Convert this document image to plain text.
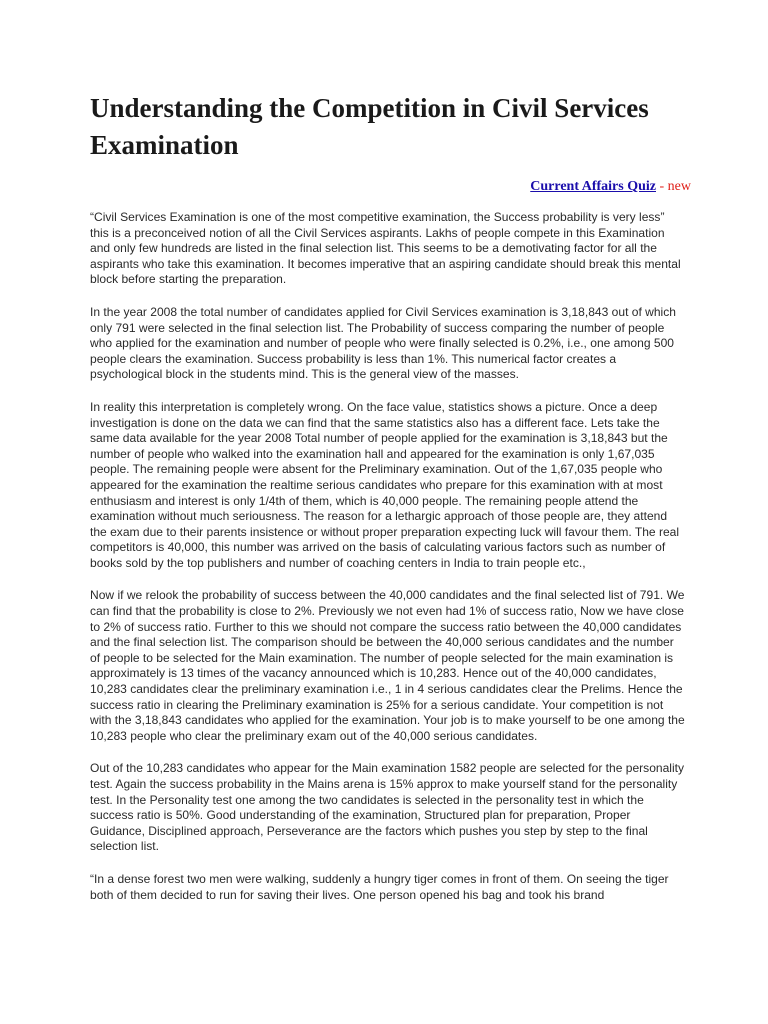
Understanding the Competition in Civil Services Examination
Current Affairs Quiz - new

“Civil Services Examination is one of the most competitive examination, the Success probability is very less” this is a preconceived notion of all the Civil Services aspirants. Lakhs of people compete in this Examination and only few hundreds are listed in the final selection list. This seems to be a demotivating factor for all the aspirants who take this examination. It becomes imperative that an aspiring candidate should break this mental block before starting the preparation.

In the year 2008 the total number of candidates applied for Civil Services examination is 3,18,843 out of which only 791 were selected in the final selection list. The Probability of success comparing the number of people who applied for the examination and number of people who were finally selected is 0.2%, i.e., one among 500 people clears the examination. Success probability is less than 1%. This numerical factor creates a psychological block in the students mind. This is the general view of the masses.

In reality this interpretation is completely wrong. On the face value, statistics shows a picture. Once a deep investigation is done on the data we can find that the same statistics also has a different face. Lets take the same data available for the year 2008 Total number of people applied for the examination is 3,18,843 but the number of people who walked into the examination hall and appeared for the examination is only 1,67,035 people. The remaining people were absent for the Preliminary examination. Out of the 1,67,035 people who appeared for the examination the realtime serious candidates who prepare for this examination with at most enthusiasm and interest is only 1/4th of them, which is 40,000 people. The remaining people attend the examination without much seriousness. The reason for a lethargic approach of those people are, they attend the exam due to their parents insistence or without proper preparation expecting luck will favour them. The real competitors is 40,000, this number was arrived on the basis of calculating various factors such as number of books sold by the top publishers and number of coaching centers in India to train people etc.,

Now if we relook the probability of success between the 40,000 candidates and the final selected list of 791. We can find that the probability is close to 2%. Previously we not even had 1% of success ratio, Now we have close to 2% of success ratio. Further to this we should not compare the success ratio between the 40,000 candidates and the final selection list. The comparison should be between the 40,000 serious candidates and the number of people to be selected for the Main examination. The number of people selected for the main examination is approximately is 13 times of the vacancy announced which is 10,283. Hence out of the 40,000 candidates, 10,283 candidates clear the preliminary examination i.e., 1 in 4 serious candidates clear the Prelims. Hence the success ratio in clearing the Preliminary examination is 25% for a serious candidate. Your competition is not with the 3,18,843 candidates who applied for the examination. Your job is to make yourself to be one among the 10,283 people who clear the preliminary exam out of the 40,000 serious candidates.

Out of the 10,283 candidates who appear for the Main examination 1582 people are selected for the personality test. Again the success probability in the Mains arena is 15% approx to make yourself stand for the personality test. In the Personality test one among the two candidates is selected in the personality test in which the success ratio is 50%. Good understanding of the examination, Structured plan for preparation, Proper Guidance, Disciplined approach, Perseverance are the factors which pushes you step by step to the final selection list.

“In a dense forest two men were walking, suddenly a hungry tiger comes in front of them. On seeing the tiger both of them decided to run for saving their lives. One person opened his bag and took his brand
